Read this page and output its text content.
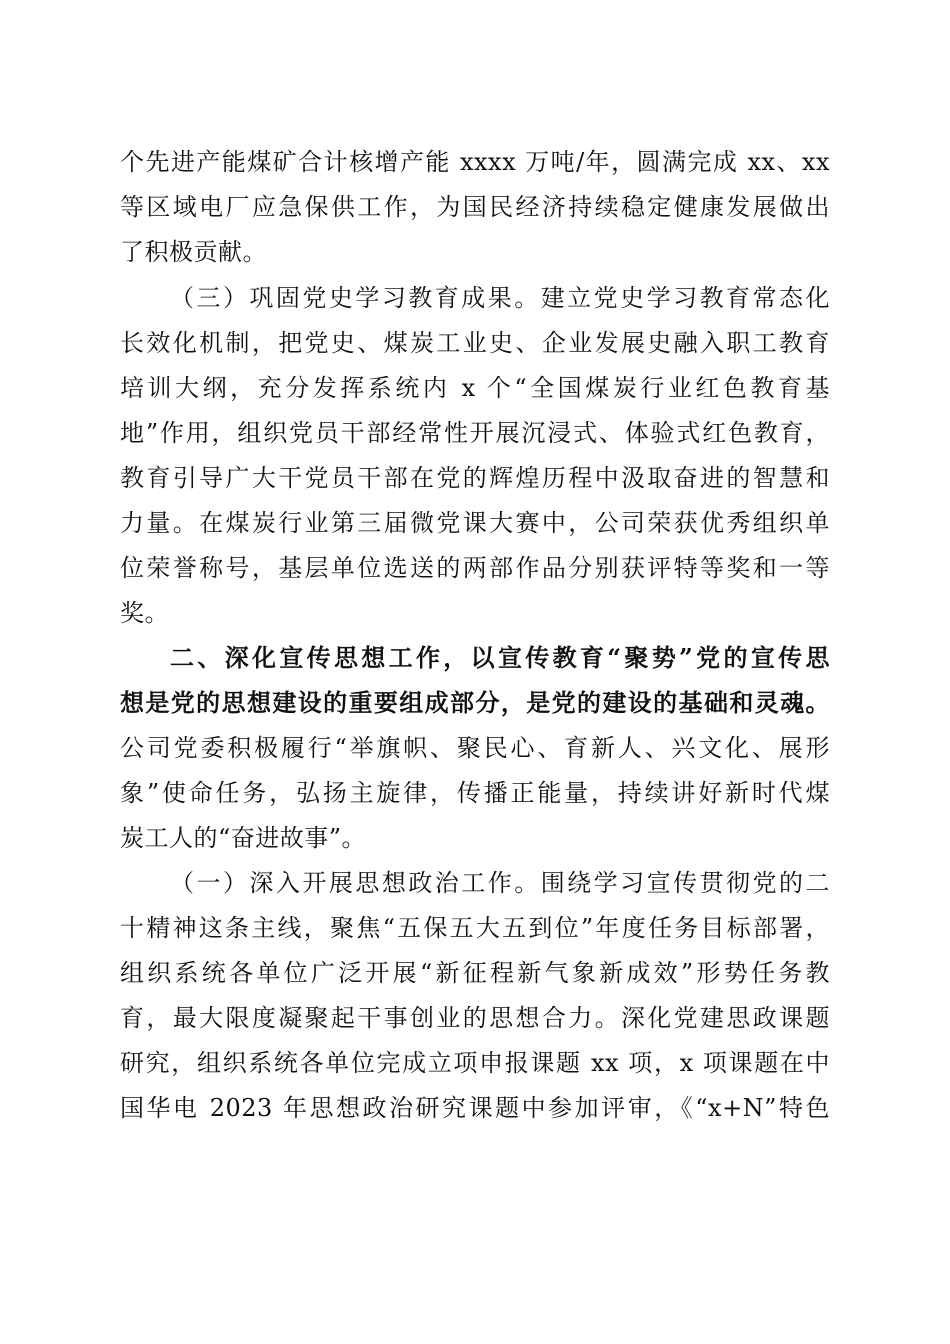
个先进产能煤矿合计核增产能 xxxx 万吨/年，圆满完成 xx、xx
等区域电厂应急保供工作，为国民经济持续稳定健康发展做出
了积极贡献。
（三）巩固党史学习教育成果。建立党史学习教育常态化
长效化机制，把党史、煤炭工业史、企业发展史融入职工教育
培训大纲，充分发挥系统内 x 个“全国煤炭行业红色教育基
地”作用，组织党员干部经常性开展沉浸式、体验式红色教育，
教育引导广大干党员干部在党的辉煌历程中汲取奋进的智慧和
力量。在煤炭行业第三届微党课大赛中，公司荣获优秀组织单
位荣誉称号，基层单位选送的两部作品分别获评特等奖和一等
奖。
二、深化宣传思想工作，以宣传教育“聚势”党的宣传思
想是党的思想建设的重要组成部分，是党的建设的基础和灵魂。
公司党委积极履行“举旗帜、聚民心、育新人、兴文化、展形
象”使命任务，弘扬主旋律，传播正能量，持续讲好新时代煤
炭工人的“奋进故事”。
（一）深入开展思想政治工作。围绕学习宣传贯彻党的二
十精神这条主线，聚焦“五保五大五到位”年度任务目标部署，
组织系统各单位广泛开展“新征程新气象新成效”形势任务教
育，最大限度凝聚起干事创业的思想合力。深化党建思政课题
研究，组织系统各单位完成立项申报课题 xx 项，x 项课题在中
国华电 2023 年思想政治研究课题中参加评审，《“x+N”特色
